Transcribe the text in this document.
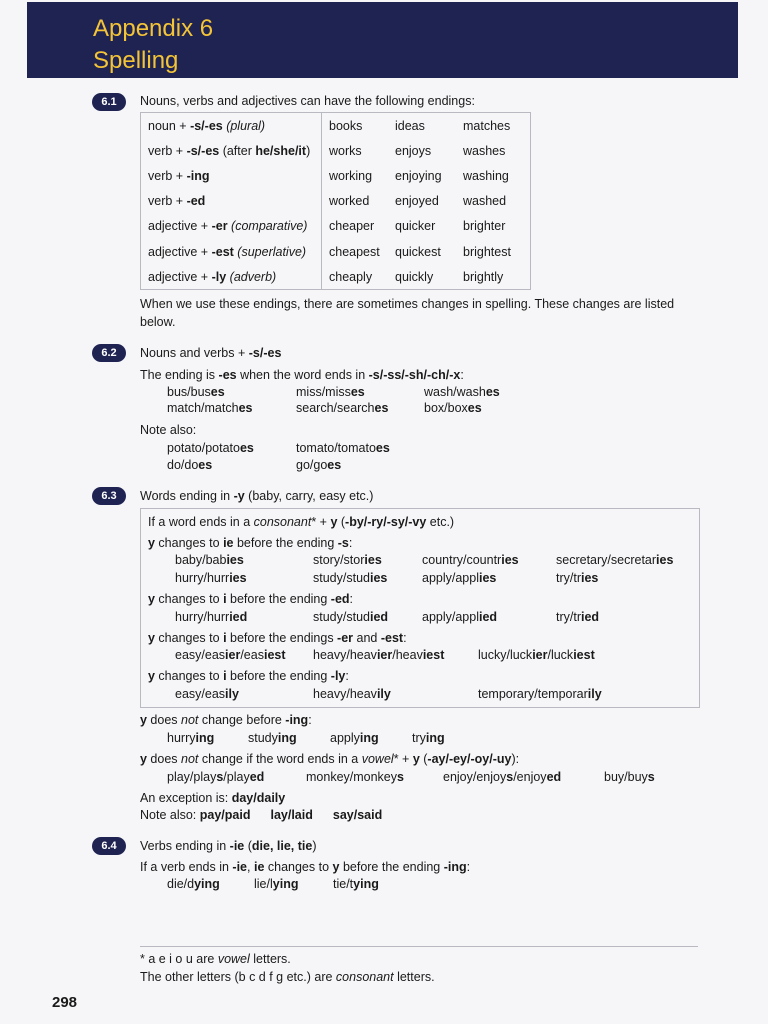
Appendix 6
Spelling
6.1	Nouns, verbs and adjectives can have the following endings:
noun + -s/-es (plural)	books	ideas	matches
verb + -s/-es (after he/she/it)	works	enjoys	washes
verb + -ing	working	enjoying	washing
verb + -ed	worked	enjoyed	washed
adjective + -er (comparative)	cheaper	quicker	brighter
adjective + -est (superlative)	cheapest	quickest	brightest
adjective + -ly (adverb)	cheaply	quickly	brightly
When we use these endings, there are sometimes changes in spelling. These changes are listed
below.
6.2	Nouns and verbs + -s/-es
The ending is -es when the word ends in -s/-ss/-sh/-ch/-x:
bus/buses	miss/misses	wash/washes
match/matches	search/searches	box/boxes
Note also:
potato/potatoes	tomato/tomatoes
do/does	go/goes
6.3	Words ending in -y (baby, carry, easy etc.)
If a word ends in a consonant* + y (-by/-ry/-sy/-vy etc.)
y changes to ie before the ending -s:
baby/babies	story/stories	country/countries	secretary/secretaries
hurry/hurries	study/studies	apply/applies	try/tries
y changes to i before the ending -ed:
hurry/hurried	study/studied	apply/applied	try/tried
y changes to i before the endings -er and -est:
easy/easier/easiest heavy/heavier/heaviest	lucky/luckier/luckiest
y changes to i before the ending -ly:
easy/easily	heavy/heavily	temporary/temporarily
y does not change before -ing:
hurrying	studying	applying	trying
y does not change if the word ends in a vowel* + y (-ay/-ey/-oy/-uy):
play/plays/played	monkey/monkeys	enjoy/enjoys/enjoyed	buy/buys
An exception is: day/daily
Note also: pay/paid lay/laid say/said
6.4	Verbs ending in -ie (die, lie, tie)
If a verb ends in -ie, ie changes to y before the ending -ing:
die/dying	lie/lying	tie/tying
* a e i o u are vowel letters.
The other letters (b c d f g etc.) are consonant letters.
298
